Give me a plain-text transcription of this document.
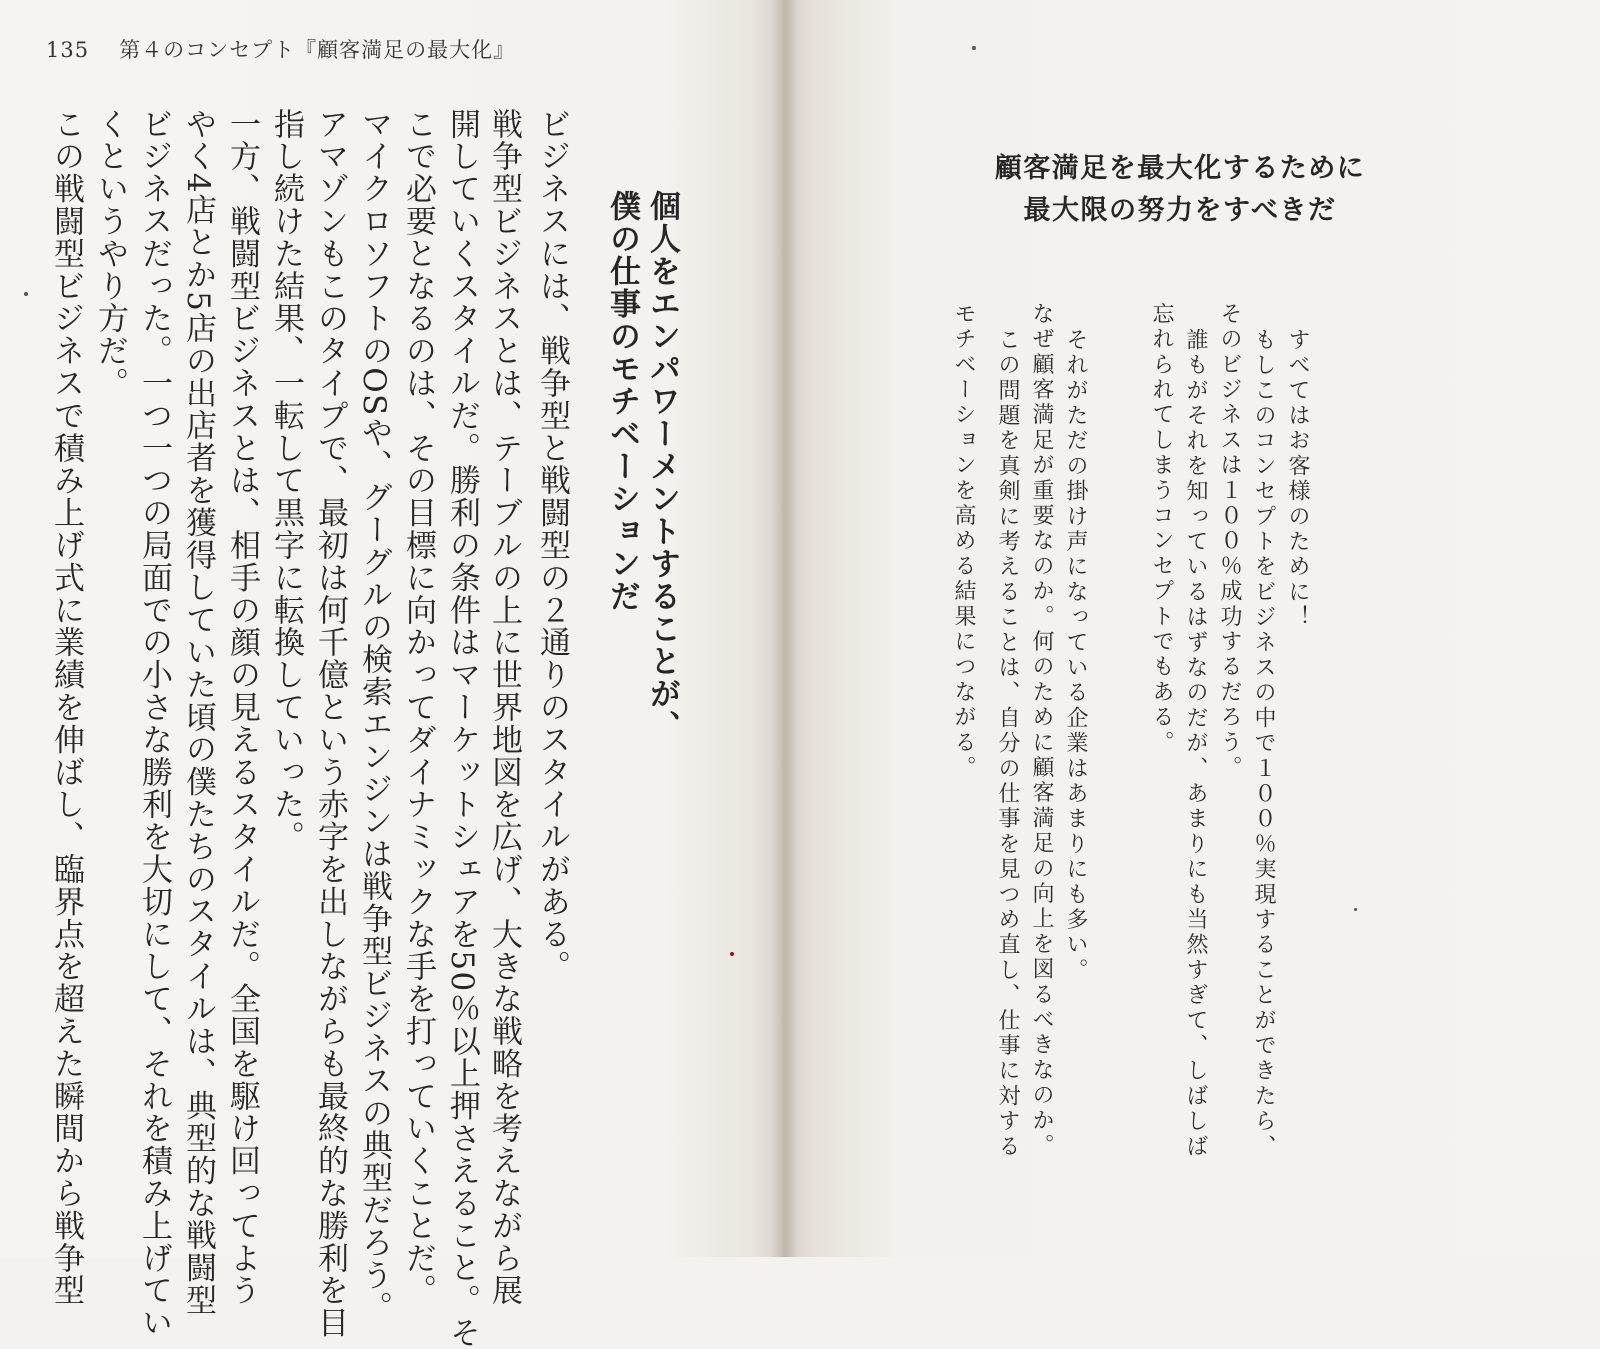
135 第４のコンセプト『顧客満足の最大化』
個人をエンパワーメントすることが、
僕の仕事のモチベーションだ
ビジネスには、戦争型と戦闘型の２通りのスタイルがある。
戦争型ビジネスとは、テーブルの上に世界地図を広げ、大きな戦略を考えながら展
開していくスタイルだ。勝利の条件はマーケットシェアを50％以上押さえること。そ
こで必要となるのは、その目標に向かってダイナミックな手を打っていくことだ。
マイクロソフトのOSや、グーグルの検索エンジンは戦争型ビジネスの典型だろう。
アマゾンもこのタイプで、最初は何千億という赤字を出しながらも最終的な勝利を目
指し続けた結果、一転して黒字に転換していった。
一方、戦闘型ビジネスとは、相手の顔の見えるスタイルだ。全国を駆け回ってよう
やく4店とか5店の出店者を獲得していた頃の僕たちのスタイルは、典型的な戦闘型
ビジネスだった。一つ一つの局面での小さな勝利を大切にして、それを積み上げてい
くというやり方だ。
この戦闘型ビジネスで積み上げ式に業績を伸ばし、臨界点を超えた瞬間から戦争型	顧客満足を最大化するために
最大限の努力をすべきだ
すべてはお客様のために！
もしこのコンセプトをビジネスの中で１００％実現することができたら、
そのビジネスは１００％成功するだろう。
誰もがそれを知っているはずなのだが、あまりにも当然すぎて、しばしば
忘れられてしまうコンセプトでもある。
それがただの掛け声になっている企業はあまりにも多い。
なぜ顧客満足が重要なのか。何のために顧客満足の向上を図るべきなのか。
この問題を真剣に考えることは、自分の仕事を見つめ直し、仕事に対する
モチベーションを高める結果につながる。
